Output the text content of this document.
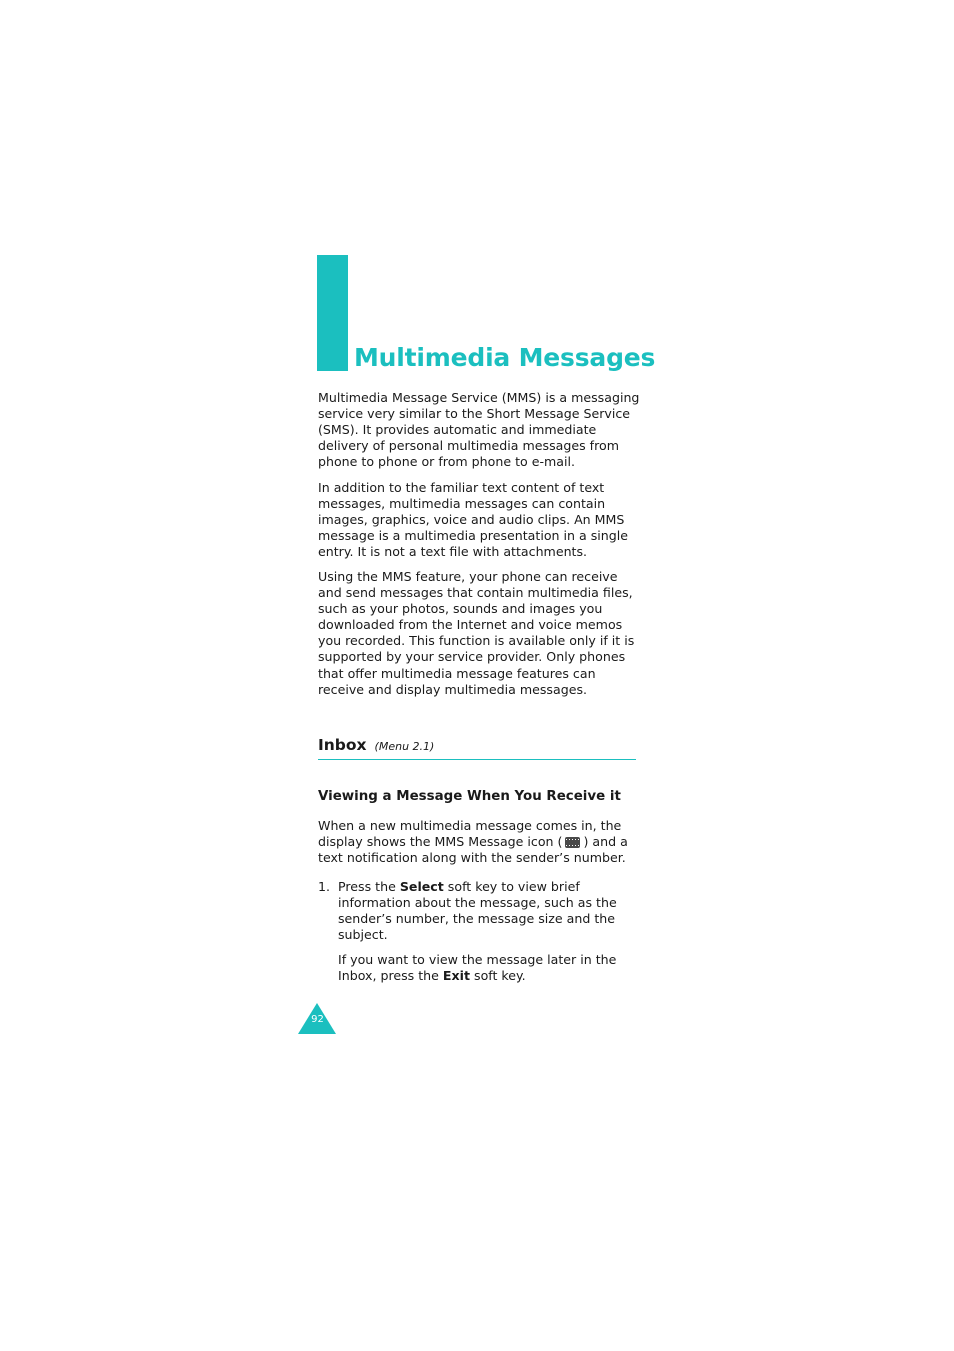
Multimedia Messages

Multimedia Message Service (MMS) is a messaging service very similar to the Short Message Service (SMS). It provides automatic and immediate delivery of personal multimedia messages from phone to phone or from phone to e-mail.

In addition to the familiar text content of text messages, multimedia messages can contain images, graphics, voice and audio clips. An MMS message is a multimedia presentation in a single entry. It is not a text file with attachments.

Using the MMS feature, your phone can receive and send messages that contain multimedia files, such as your photos, sounds and images you downloaded from the Internet and voice memos you recorded. This function is available only if it is supported by your service provider. Only phones that offer multimedia message features can receive and display multimedia messages.

Inbox (Menu 2.1)
Viewing a Message When You Receive it

When a new multimedia message comes in, the display shows the MMS Message icon ( ) and a text notification along with the sender’s number.

1. Press the Select soft key to view brief information about the message, such as the sender’s number, the message size and the subject.

If you want to view the message later in the Inbox, press the Exit soft key.

92
